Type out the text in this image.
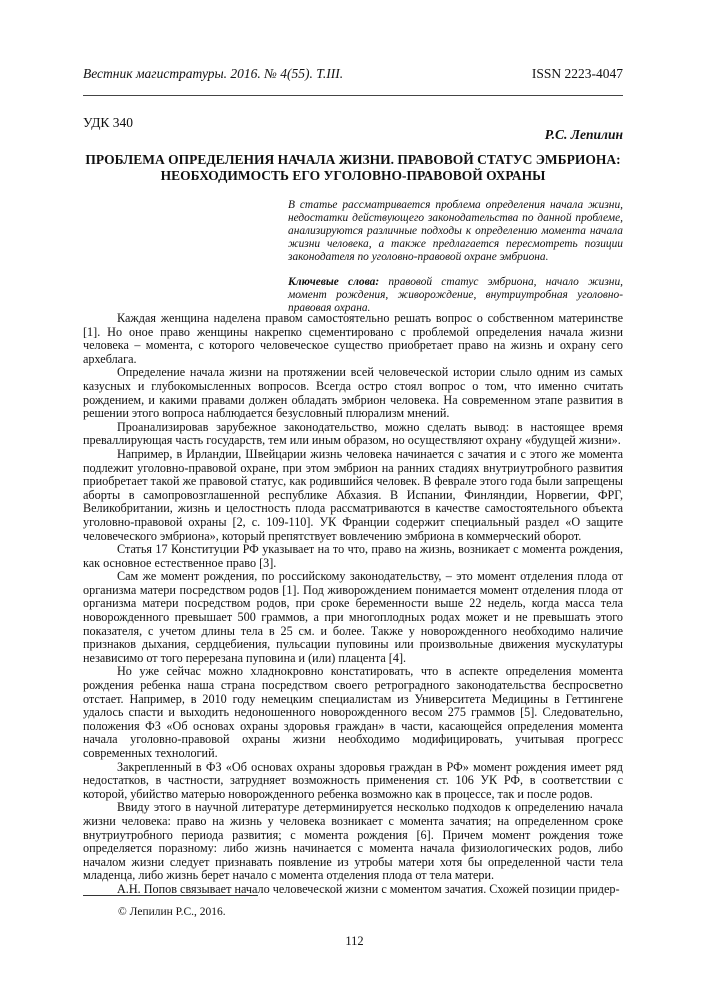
Вестник магистратуры. 2016. № 4(55). Т.III.	ISSN 2223-4047
УДК 340
Р.С. Лепилин
ПРОБЛЕМА ОПРЕДЕЛЕНИЯ НАЧАЛА ЖИЗНИ. ПРАВОВОЙ СТАТУС ЭМБРИОНА: НЕОБХОДИМОСТЬ ЕГО УГОЛОВНО-ПРАВОВОЙ ОХРАНЫ
В статье рассматривается проблема определения начала жизни, недостатки действующего законодательства по данной проблеме, анализируются различные подходы к определению момента начала жизни человека, а также предлагается пересмотреть позиции законодателя по уголовно-правовой охране эмбриона.
Ключевые слова: правовой статус эмбриона, начало жизни, момент рождения, живорождение, внутриутробная уголовно-правовая охрана.

Каждая женщина наделена правом самостоятельно решать вопрос о собственном материнстве [1]. Но оное право женщины накрепко сцементировано с проблемой определения начала жизни человека – момента, с которого человеческое существо приобретает право на жизнь и охрану сего археблага.

Определение начала жизни на протяжении всей человеческой истории слыло одним из самых казусных и глубокомысленных вопросов. Всегда остро стоял вопрос о том, что именно считать рождением, и какими правами должен обладать эмбрион человека. На современном этапе развития в решении этого вопроса наблюдается безусловный плюрализм мнений.

Проанализировав зарубежное законодательство, можно сделать вывод: в настоящее время преваллирующая часть государств, тем или иным образом, но осуществляют охрану «будущей жизни».

Например, в Ирландии, Швейцарии жизнь человека начинается с зачатия и с этого же момента подлежит уголовно-правовой охране, при этом эмбрион на ранних стадиях внутриутробного развития приобретает такой же правовой статус, как родившийся человек. В феврале этого года были запрещены аборты в самопровозглашенной республике Абхазия. В Испании, Финляндии, Норвегии, ФРГ, Великобритании, жизнь и целостность плода рассматриваются в качестве самостоятельного объекта уголовно-правовой охраны [2, с. 109-110]. УК Франции содержит специальный раздел «О защите человеческого эмбриона», который препятствует вовлечению эмбриона в коммерческий оборот.

Статья 17 Конституции РФ указывает на то что, право на жизнь, возникает с момента рождения, как основное естественное право [3].

Сам же момент рождения, по российскому законодательству, – это момент отделения плода от организма матери посредством родов [1]. Под живорождением понимается момент отделения плода от организма матери посредством родов, при сроке беременности выше 22 недель, когда масса тела новорожденного превышает 500 граммов, а при многоплодных родах может и не превышать этого показателя, с учетом длины тела в 25 см. и более. Также у новорожденного необходимо наличие признаков дыхания, сердцебиения, пульсации пуповины или произвольные движения мускулатуры независимо от того перерезана пуповина и (или) плацента [4].

Но уже сейчас можно хладнокровно констатировать, что в аспекте определения момента рождения ребенка наша страна посредством своего ретроградного законодательства беспросветно отстает. Например, в 2010 году немецким специалистам из Университета Медицины в Геттингене удалось спасти и выходить недоношенного новорожденного весом 275 граммов [5]. Следовательно, положения ФЗ «Об основах охраны здоровья граждан» в части, касающейся определения момента начала уголовно-правовой охраны жизни необходимо модифицировать, учитывая прогресс современных технологий.

Закрепленный в ФЗ «Об основах охраны здоровья граждан в РФ» момент рождения имеет ряд недостатков, в частности, затрудняет возможность применения ст. 106 УК РФ, в соответствии с которой, убийство матерью новорожденного ребенка возможно как в процессе, так и после родов.

Ввиду этого в научной литературе детерминируется несколько подходов к определению начала жизни человека: право на жизнь у человека возникает с момента зачатия; на определенном сроке внутриутробного периода развития; с момента рождения [6]. Причем момент рождения тоже определяется поразному: либо жизнь начинается с момента начала физиологических родов, либо началом жизни следует признавать появление из утробы матери хотя бы определенной части тела младенца, либо жизнь берет начало с момента отделения плода от тела матери.

А.Н. Попов связывает начало человеческой жизни с моментом зачатия. Схожей позиции придер-

© Лепилин Р.С., 2016.
112
